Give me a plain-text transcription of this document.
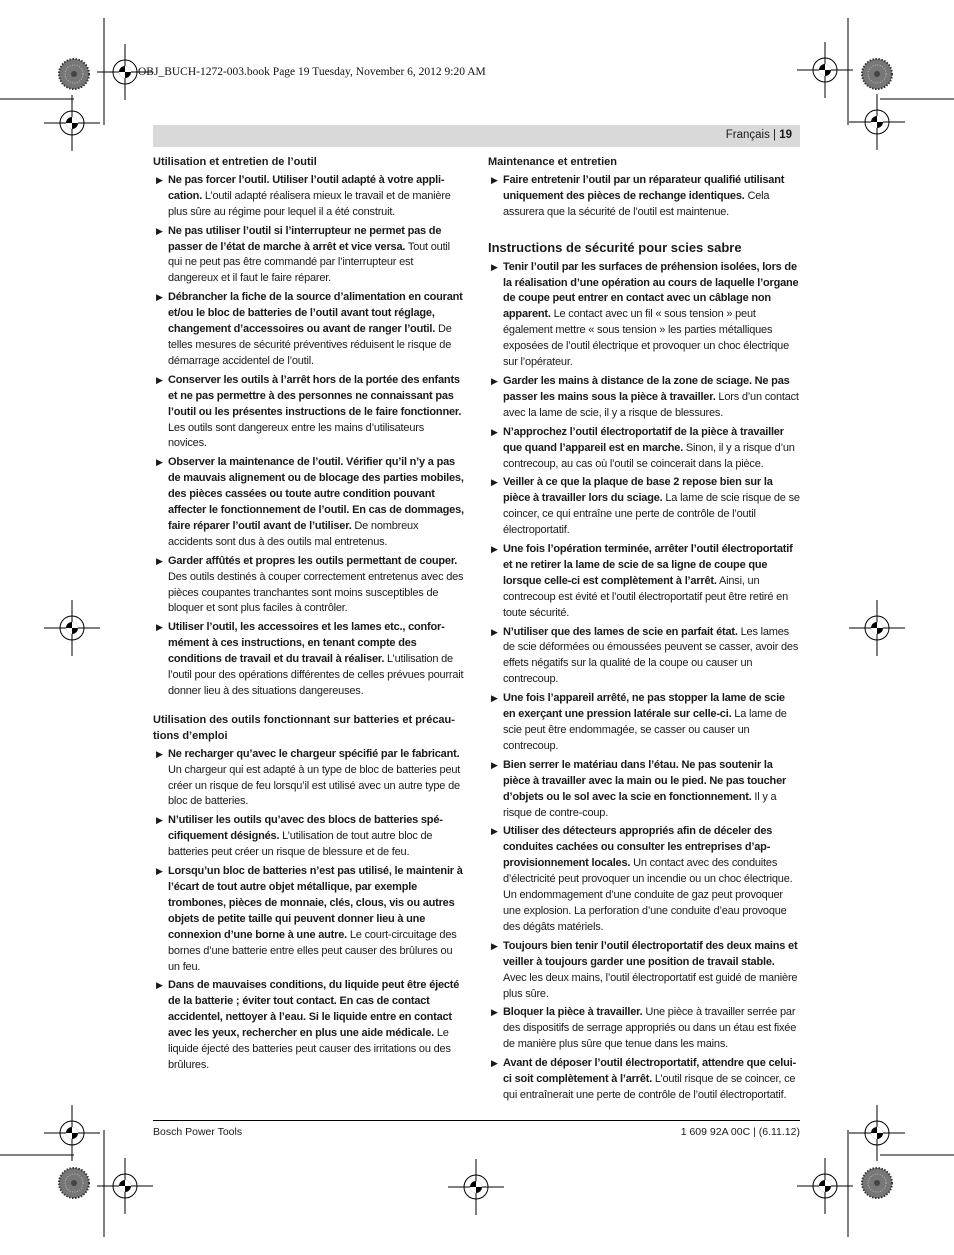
OBJ_BUCH-1272-003.book Page 19 Tuesday, November 6, 2012 9:20 AM
Français | 19
Utilisation et entretien de l’outil
▶ Ne pas forcer l’outil. Utiliser l’outil adapté à votre application. L’outil adapté réalisera mieux le travail et de manière plus sûre au régime pour lequel il a été construit.
▶ Ne pas utiliser l’outil si l’interrupteur ne permet pas de passer de l’état de marche à arrêt et vice versa. Tout outil qui ne peut pas être commandé par l’interrupteur est dangereux et il faut le faire réparer.
▶ Débrancher la fiche de la source d’alimentation en courant et/ou le bloc de batteries de l’outil avant tout réglage, changement d’accessoires ou avant de ranger l’outil. De telles mesures de sécurité préventives réduisent le risque de démarrage accidentel de l’outil.
▶ Conserver les outils à l’arrêt hors de la portée des enfants et ne pas permettre à des personnes ne connaissant pas l’outil ou les présentes instructions de le faire fonctionner. Les outils sont dangereux entre les mains d’utilisateurs novices.
▶ Observer la maintenance de l’outil. Vérifier qu’il n’y a pas de mauvais alignement ou de blocage des parties mobiles, des pièces cassées ou toute autre condition pouvant affecter le fonctionnement de l’outil. En cas de dommages, faire réparer l’outil avant de l’utiliser. De nombreux accidents sont dus à des outils mal entretenus.
▶ Garder affûtés et propres les outils permettant de couper. Des outils destinés à couper correctement entretenus avec des pièces coupantes tranchantes sont moins susceptibles de bloquer et sont plus faciles à contrôler.
▶ Utiliser l’outil, les accessoires et les lames etc., conformément à ces instructions, en tenant compte des conditions de travail et du travail à réaliser. L’utilisation de l’outil pour des opérations différentes de celles prévues pourrait donner lieu à des situations dangereuses.
Utilisation des outils fonctionnant sur batteries et précautions d’emploi
▶ Ne recharger qu’avec le chargeur spécifié par le fabricant. Un chargeur qui est adapté à un type de bloc de batteries peut créer un risque de feu lorsqu’il est utilisé avec un autre type de bloc de batteries.
▶ N’utiliser les outils qu’avec des blocs de batteries spécifiquement désignés. L’utilisation de tout autre bloc de batteries peut créer un risque de blessure et de feu.
▶ Lorsqu’un bloc de batteries n’est pas utilisé, le maintenir à l’écart de tout autre objet métallique, par exemple trombones, pièces de monnaie, clés, clous, vis ou autres objets de petite taille qui peuvent donner lieu à une connexion d’une borne à une autre. Le court-circuitage des bornes d’une batterie entre elles peut causer des brûlures ou un feu.
▶ Dans de mauvaises conditions, du liquide peut être éjecté de la batterie ; éviter tout contact. En cas de contact accidentel, nettoyer à l’eau. Si le liquide entre en contact avec les yeux, rechercher en plus une aide médicale. Le liquide éjecté des batteries peut causer des irritations ou des brûlures.
Maintenance et entretien
▶ Faire entretenir l’outil par un réparateur qualifié utilisant uniquement des pièces de rechange identiques. Cela assurera que la sécurité de l’outil est maintenue.
Instructions de sécurité pour scies sabre
▶ Tenir l’outil par les surfaces de préhension isolées, lors de la réalisation d’une opération au cours de laquelle l’organe de coupe peut entrer en contact avec un câblage non apparent. Le contact avec un fil « sous tension » peut également mettre « sous tension » les parties métalliques exposées de l’outil électrique et provoquer un choc électrique sur l’opérateur.
▶ Garder les mains à distance de la zone de sciage. Ne pas passer les mains sous la pièce à travailler. Lors d’un contact avec la lame de scie, il y a risque de blessures.
▶ N’approchez l’outil électroportatif de la pièce à travailler que quand l’appareil est en marche. Sinon, il y a risque d’un contrecoup, au cas où l’outil se coincerait dans la pièce.
▶ Veiller à ce que la plaque de base 2 repose bien sur la pièce à travailler lors du sciage. La lame de scie risque de se coincer, ce qui entraîne une perte de contrôle de l’outil électroportatif.
▶ Une fois l’opération terminée, arrêter l’outil électroportatif et ne retirer la lame de scie de sa ligne de coupe que lorsque celle-ci est complètement à l’arrêt. Ainsi, un contrecoup est évité et l’outil électroportatif peut être retiré en toute sécurité.
▶ N’utiliser que des lames de scie en parfait état. Les lames de scie déformées ou émoussées peuvent se casser, avoir des effets négatifs sur la qualité de la coupe ou causer un contrecoup.
▶ Une fois l’appareil arrêté, ne pas stopper la lame de scie en exerçant une pression latérale sur celle-ci. La lame de scie peut être endommagée, se casser ou causer un contrecoup.
▶ Bien serrer le matériau dans l’étau. Ne pas soutenir la pièce à travailler avec la main ou le pied. Ne pas toucher d’objets ou le sol avec la scie en fonctionnement. Il y a risque de contre-coup.
▶ Utiliser des détecteurs appropriés afin de déceler des conduites cachées ou consulter les entreprises d’approvisionnement locales. Un contact avec des conduites d’électricité peut provoquer un incendie ou un choc électrique. Un endommagement d’une conduite de gaz peut provoquer une explosion. La perforation d’une conduite d’eau provoque des dégâts matériels.
▶ Toujours bien tenir l’outil électroportatif des deux mains et veiller à toujours garder une position de travail stable. Avec les deux mains, l’outil électroportatif est guidé de manière plus sûre.
▶ Bloquer la pièce à travailler. Une pièce à travailler serrée par des dispositifs de serrage appropriés ou dans un étau est fixée de manière plus sûre que tenue dans les mains.
▶ Avant de déposer l’outil électroportatif, attendre que celui-ci soit complètement à l’arrêt. L’outil risque de se coincer, ce qui entraînerait une perte de contrôle de l’outil électroportatif.
Bosch Power Tools	1 609 92A 00C | (6.11.12)
